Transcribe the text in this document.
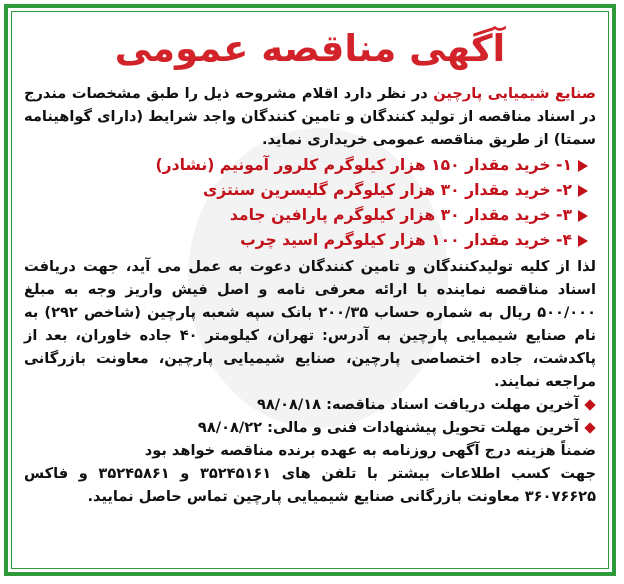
آگهی مناقصه عمومی

صنایع شیمیایی پارچین در نظر دارد اقلام مشروحه ذیل را طبق مشخصات مندرج در اسناد مناقصه از تولید کنندگان و تامین کنندگان واجد شرایط (دارای گواهینامه سمتا) از طریق مناقصه عمومی خریداری نماید.

۱- خرید مقدار ۱۵۰ هزار کیلوگرم کلرور آمونیم (نشادر)
۲- خرید مقدار ۳۰ هزار کیلوگرم گلیسرین سنتزی
۳- خرید مقدار ۳۰ هزار کیلوگرم پارافین جامد
۴- خرید مقدار ۱۰۰ هزار کیلوگرم اسید چرب

لذا از کلیه تولیدکنندگان و تامین کنندگان دعوت به عمل می آید، جهت دریافت اسناد مناقصه نماینده با ارائه معرفی نامه و اصل فیش واریز وجه به مبلغ ۵۰۰/۰۰۰ ریال به شماره حساب ۲۰۰/۳۵ بانک سپه شعبه پارچین (شاخص ۲۹۲) به نام صنایع شیمیایی پارچین به آدرس: تهران، کیلومتر ۴۰ جاده خاوران، بعد از پاکدشت، جاده اختصاصی پارچین، صنایع شیمیایی پارچین، معاونت بازرگانی مراجعه نمایند.

آخرین مهلت دریافت اسناد مناقصه: ۹۸/۰۸/۱۸
آخرین مهلت تحویل پیشنهادات فنی و مالی: ۹۸/۰۸/۲۲

ضمناً هزینه درج آگهی روزنامه به عهده برنده مناقصه خواهد بود

جهت کسب اطلاعات بیشتر با تلفن های ۳۵۲۴۵۱۶۱ و ۳۵۲۴۵۸۶۱ و فاکس ۳۶۰۷۶۶۲۵ معاونت بازرگانی صنایع شیمیایی پارچین تماس حاصل نمایید.
